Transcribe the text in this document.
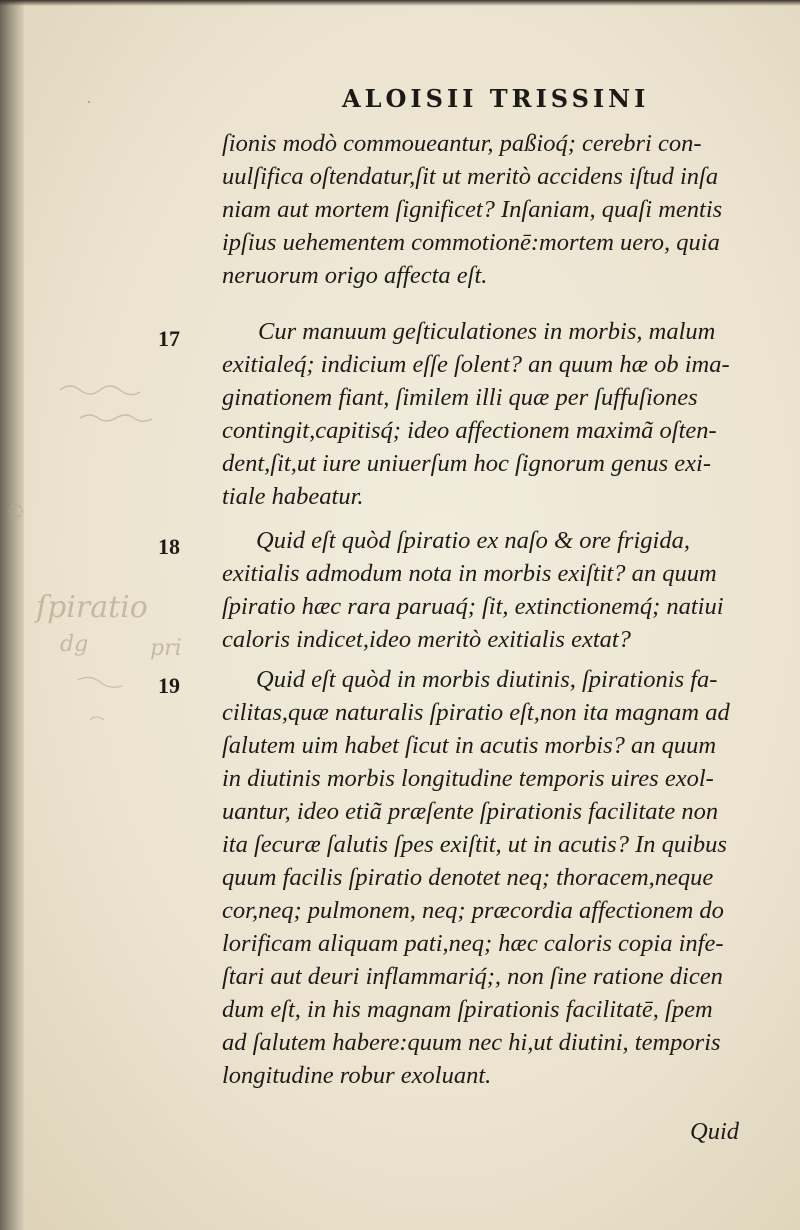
ALOISII TRISSINI
ſionis modò commoueantur, paßioq́; cerebri con-
uulſifica oſtendatur,ſit ut meritò accidens iſtud inſa
niam aut mortem ſignificet? Inſaniam, quaſi mentis
ipſius uehementem commotionē:mortem uero, quia
neruorum origo affecta eſt.
17	Cur manuum geſticulationes in morbis, malum
exitialeq́; indicium eſſe ſolent? an quum hæ ob ima-
ginationem fiant, ſimilem illi quæ per ſuffuſiones
contingit,capitisq́; ideo affectionem maximã oſten-
dent,ſit,ut iure uniuerſum hoc ſignorum genus exi-
tiale habeatur.
18	Quid eſt quòd ſpiratio ex naſo & ore frigida,
exitialis admodum nota in morbis exiſtit? an quum
ſpiratio hæc rara paruaq́; ſit, extinctionemq́; natiui
caloris indicet,ideo meritò exitialis extat?
19	Quid eſt quòd in morbis diutinis, ſpirationis fa-
cilitas,quæ naturalis ſpiratio eſt,non ita magnam ad
ſalutem uim habet ſicut in acutis morbis? an quum
in diutinis morbis longitudine temporis uires exol-
uantur, ideo etiã præſente ſpirationis facilitate non
ita ſecuræ ſalutis ſpes exiſtit, ut in acutis? In quibus
quum facilis ſpiratio denotet neq; thoracem,neque
cor,neq; pulmonem, neq; præcordia affectionem do
lorificam aliquam pati,neq; hæc caloris copia infe-
ſtari aut deuri inflammariq́;, non ſine ratione dicen
dum eſt, in his magnam ſpirationis facilitatē, ſpem
ad ſalutem habere:quum nec hi,ut diutini, temporis
longitudine robur exoluant.
Quid
ſpiratio
dg	pri
·
◌
